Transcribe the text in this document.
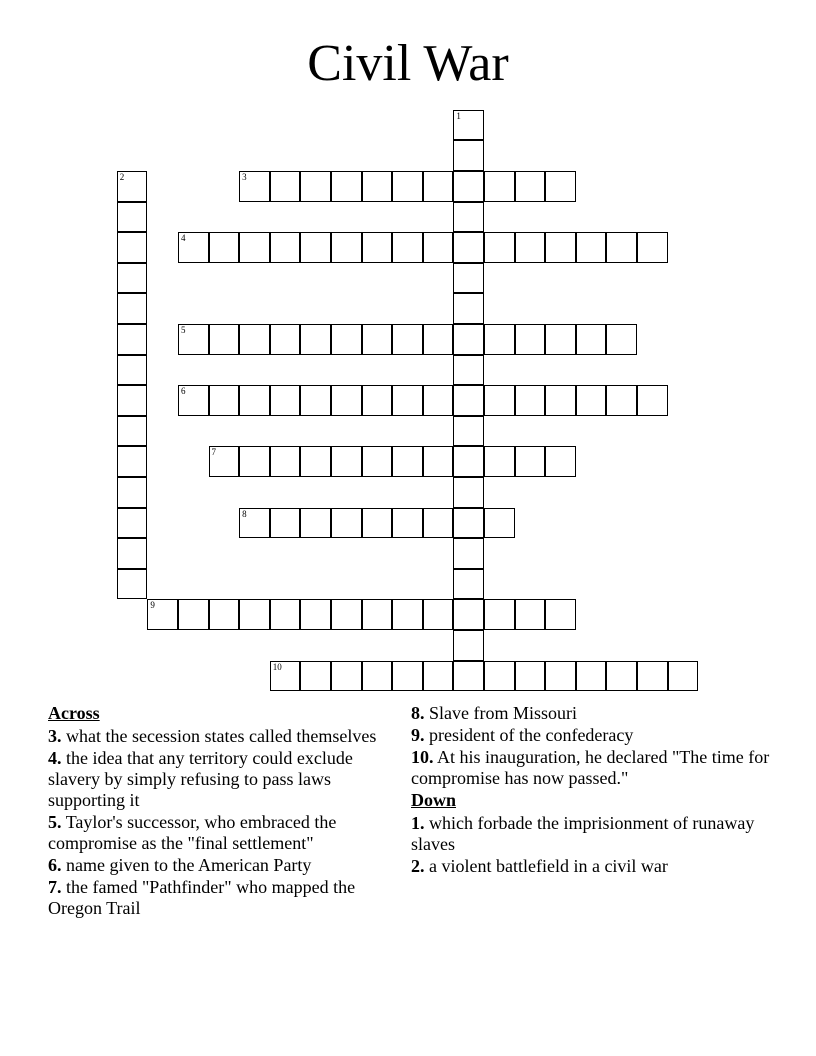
Civil War
1
2	3
4
5
6
7
8
9
10
Across
3. what the secession states called themselves
4. the idea that any territory could exclude slavery by simply refusing to pass laws supporting it
5. Taylor's successor, who embraced the compromise as the "final settlement"
6. name given to the American Party
7. the famed "Pathfinder" who mapped the Oregon Trail
8. Slave from Missouri
9. president of the confederacy
10. At his inauguration, he declared "The time for compromise has now passed."
Down
1. which forbade the imprisionment of runaway slaves
2. a violent battlefield in a civil war
